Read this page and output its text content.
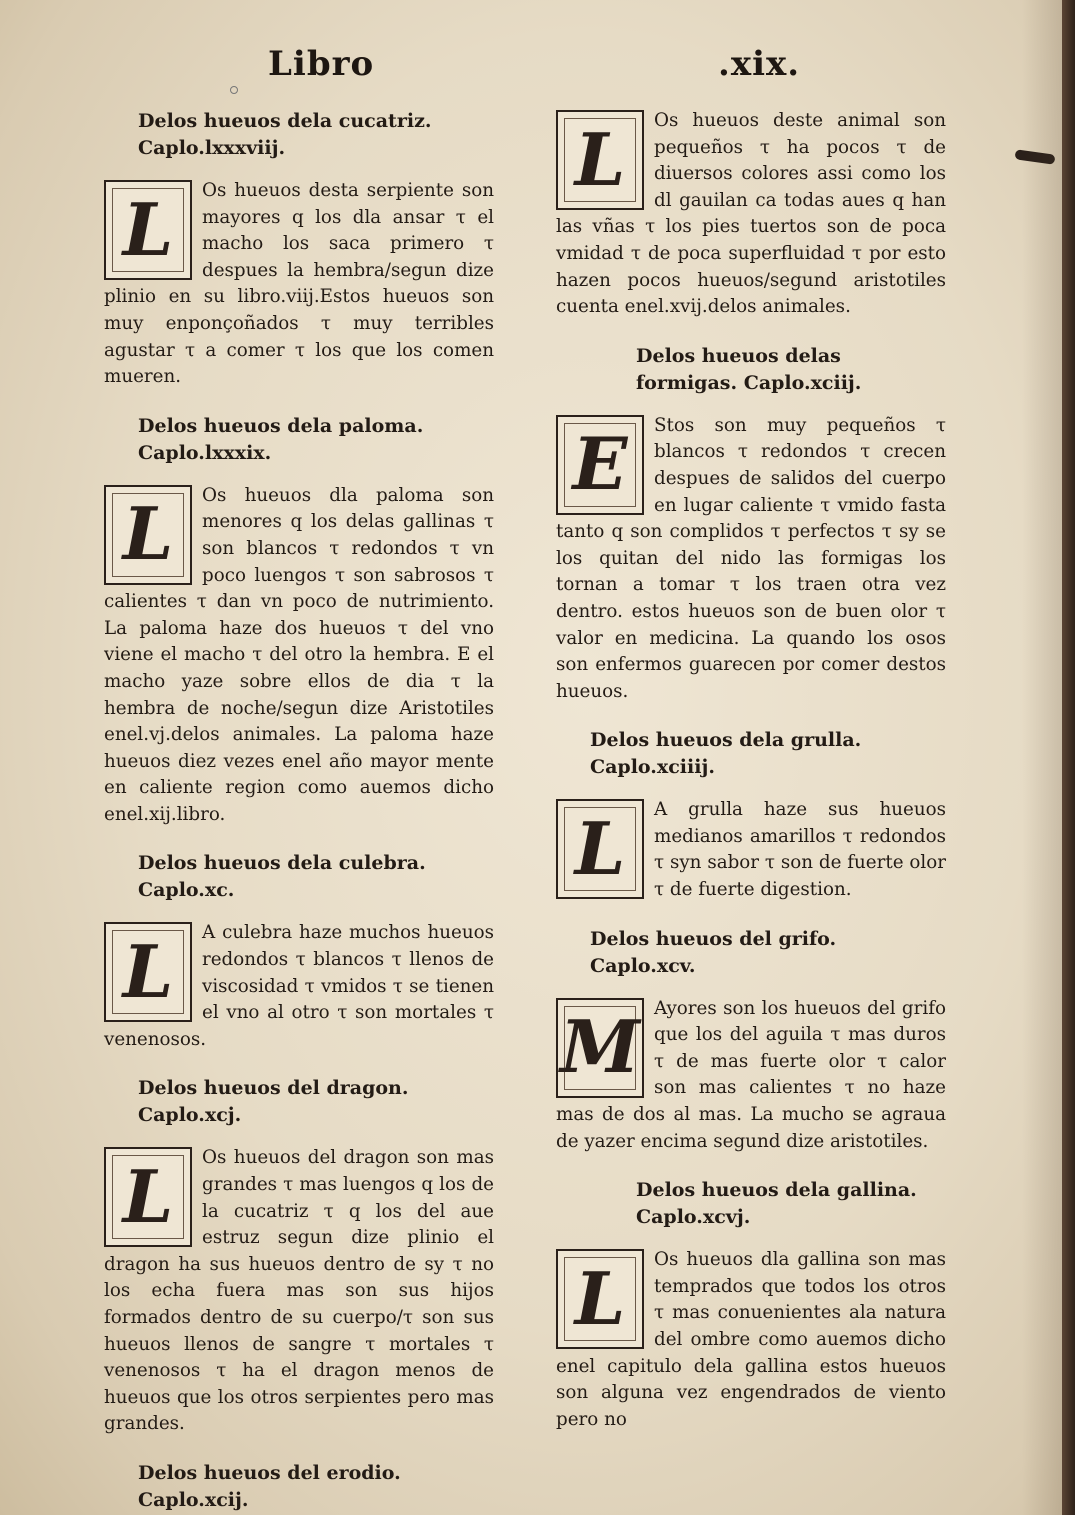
Libro	.xix.
Delos hueuos dela cucatriz. Caplo.lxxxviij.
L	Os hueuos desta serpiente son mayores q los dla ansar τ el macho los saca primero τ despues la hembra/segun dize plinio en su libro.viij.Estos hueuos son muy enponçoñados τ muy terribles agustar τ a comer τ los que los comen mueren.

Delos hueuos dela paloma. Caplo.lxxxix.
L	Os hueuos dla paloma son menores q los delas gallinas τ son blancos τ redondos τ vn poco luengos τ son sabrosos τ calientes τ dan vn poco de nutrimiento. La paloma haze dos hueuos τ del vno viene el macho τ del otro la hembra. E el macho yaze sobre ellos de dia τ la hembra de noche/segun dize Aristotiles enel.vj.delos animales. La paloma haze hueuos diez vezes enel año mayor mente en caliente region como auemos dicho enel.xij.libro.

Delos hueuos dela culebra. Caplo.xc.
L	A culebra haze muchos hueuos redondos τ blancos τ llenos de viscosidad τ vmidos τ se tienen el vno al otro τ son mortales τ venenosos.

Delos hueuos del dragon. Caplo.xcj.
L	Os hueuos del dragon son mas grandes τ mas luengos q los de la cucatriz τ q los del aue estruz segun dize plinio el dragon ha sus hueuos dentro de sy τ no los echa fuera mas son sus hijos formados dentro de su cuerpo/τ son sus hueuos llenos de sangre τ mortales τ venenosos τ ha el dragon menos de hueuos que los otros serpientes pero mas grandes.

Delos hueuos del erodio. Caplo.xcij.
L	Os hueuos deste animal son pequeños τ ha pocos τ de diuersos colores assi como los dl gauilan ca todas aues q han las vñas τ los pies tuertos son de poca vmidad τ de poca superfluidad τ por esto hazen pocos hueuos/segund aristotiles cuenta enel.xvij.delos animales.

Delos hueuos delas formigas. Caplo.xciij.
E	Stos son muy pequeños τ blancos τ redondos τ crecen despues de salidos del cuerpo en lugar caliente τ vmido fasta tanto q son complidos τ perfectos τ sy se los quitan del nido las formigas los tornan a tomar τ los traen otra vez dentro. estos hueuos son de buen olor τ valor en medicina. La quando los osos son enfermos guarecen por comer destos hueuos.

Delos hueuos dela grulla. Caplo.xciiij.
L	A grulla haze sus hueuos medianos amarillos τ redondos τ syn sabor τ son de fuerte olor τ de fuerte digestion.

Delos hueuos del grifo. Caplo.xcv.
M Ayores son los hueuos del grifo que los del aguila τ mas duros τ de mas fuerte olor τ calor son mas calientes τ no haze mas de dos al mas. La mucho se agraua de yazer encima segund dize aristotiles.

Delos hueuos dela gallina. Caplo.xcvj.
L	Os hueuos dla gallina son mas temprados que todos los otros τ mas conuenientes ala natura del ombre como auemos dicho enel capitulo dela gallina estos hueuos son alguna vez engendrados de viento pero no
